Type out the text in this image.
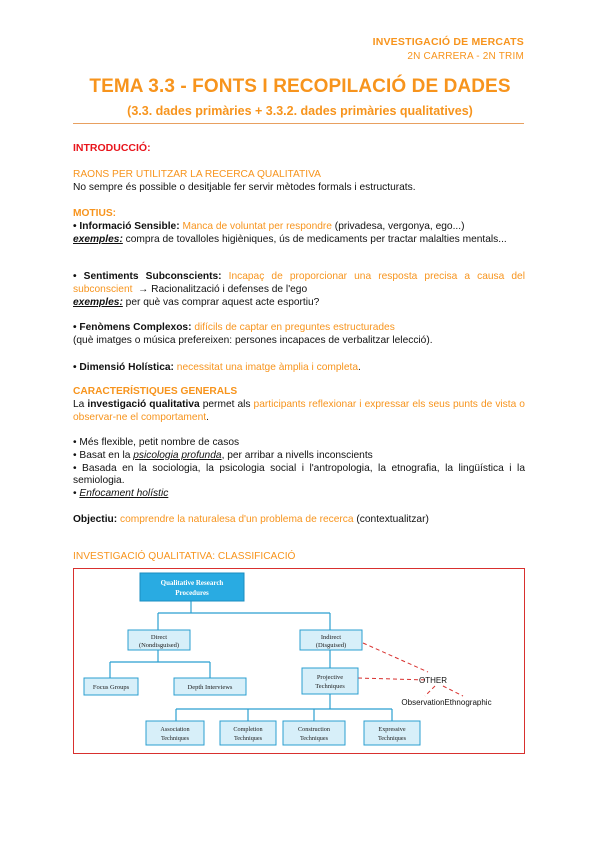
INVESTIGACIÓ DE MERCATS
2N CARRERA - 2N TRIM
TEMA 3.3 - FONTS I RECOPILACIÓ DE DADES
(3.3. dades primàries + 3.3.2. dades primàries qualitatives)

INTRODUCCIÓ:

RAONS PER UTILITZAR LA RECERCA QUALITATIVA

No sempre és possible o desitjable fer servir mètodes formals i estructurats.

MOTIUS:

• Informació Sensible: Manca de voluntat per respondre (privadesa, vergonya, ego...)

exemples: compra de tovalloles higièniques, ús de medicaments per tractar malalties mentals...

• Sentiments Subconscients: Incapaç de proporcionar una resposta precisa a causa del subconscient  → Racionalització i defenses de l'ego

exemples: per què vas comprar aquest acte esportiu?

• Fenòmens Complexos: difícils de captar en preguntes estructurades

(què imatges o música prefereixen: persones incapaces de verbalitzar lelecció).

• Dimensió Holística: necessitat una imatge àmplia i completa.

CARACTERÍSTIQUES GENERALS

La investigació qualitativa permet als participants reflexionar i expressar els seus punts de vista o observar-ne el comportament.

• Més flexible, petit nombre de casos

• Basat en la psicologia profunda, per arribar a nivells inconscients

• Basada en la sociologia, la psicologia social i l'antropologia, la etnografia, la lingüística i la semiologia.

• Enfocament holístic

Objectiu: comprendre la naturalesa d'un problema de recerca (contextualitzar)

INVESTIGACIÓ QUALITATIVA: CLASSIFICACIÓ

Qualitative Research
Procedures
Direct
(Nondisguised)
Indirect
(Disguised)
Focus Groups	Depth Interviews
Projective
Techniques
Association
Techniques
Completion
Techniques
Construction
Techniques
Expressive
Techniques
OTHER
Observation Ethnographic
